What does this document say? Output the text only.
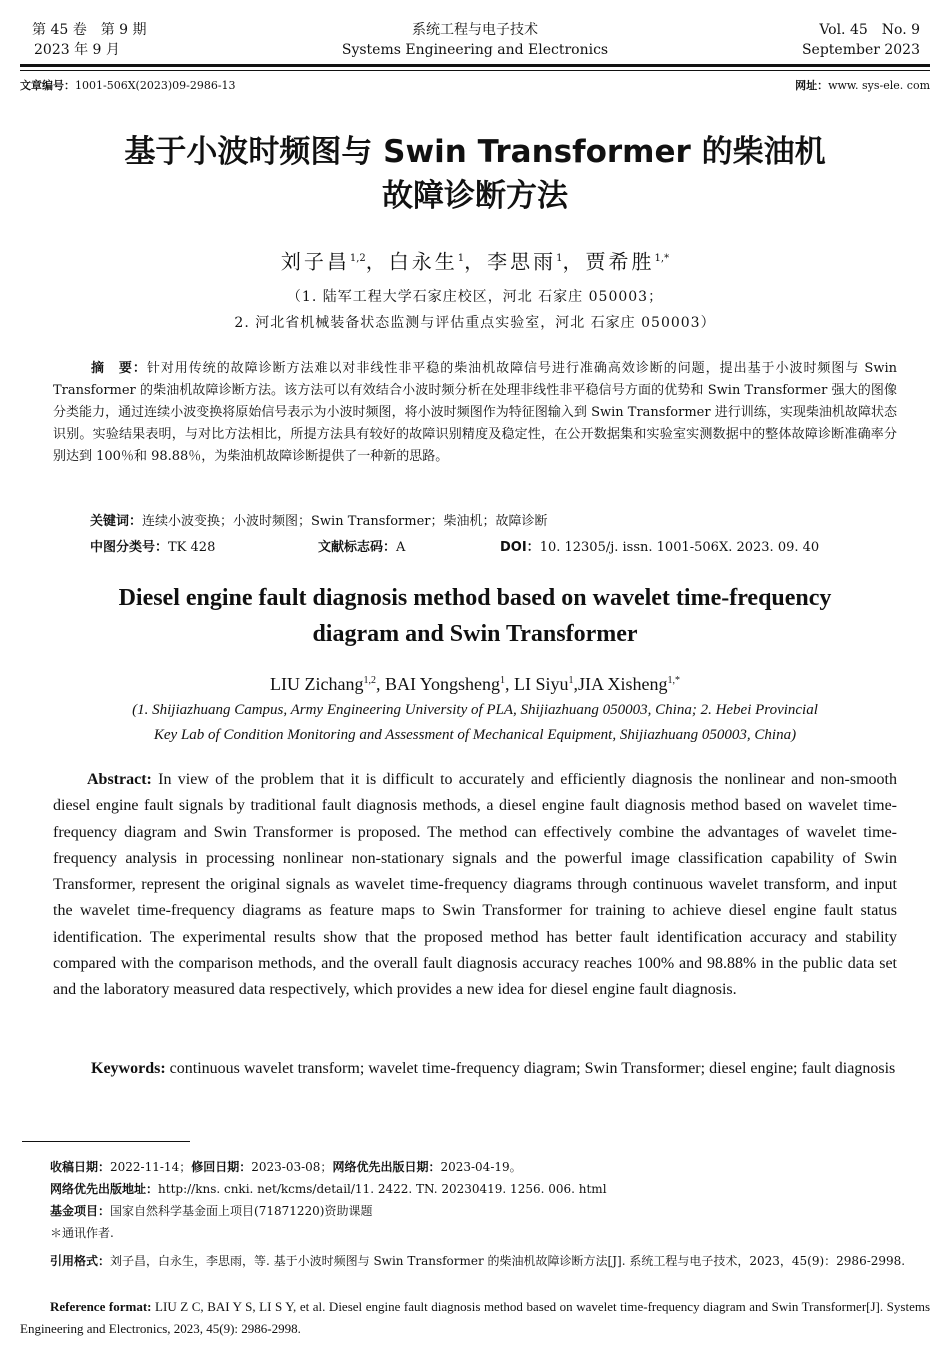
第 45 卷　第 9 期
2023 年 9 月
系统工程与电子技术
Systems Engineering and Electronics
Vol. 45　No. 9
September 2023
文章编号：1001-506X(2023)09-2986-13	网址：www. sys-ele. com
基于小波时频图与 Swin Transformer 的柴油机
故障诊断方法
刘子昌$^{1,2}$，白永生$^1$，李思雨$^1$，贾希胜$^{1,*}$
（1. 陆军工程大学石家庄校区，河北 石家庄 050003；
2. 河北省机械装备状态监测与评估重点实验室，河北 石家庄 050003）
摘　要：针对用传统的故障诊断方法难以对非线性非平稳的柴油机故障信号进行准确高效诊断的问题，提出基于小波时频图与 Swin Transformer 的柴油机故障诊断方法。该方法可以有效结合小波时频分析在处理非线性非平稳信号方面的优势和 Swin Transformer 强大的图像分类能力，通过连续小波变换将原始信号表示为小波时频图，将小波时频图作为特征图输入到 Swin Transformer 进行训练，实现柴油机故障状态识别。实验结果表明，与对比方法相比，所提方法具有较好的故障识别精度及稳定性，在公开数据集和实验室实测数据中的整体故障诊断准确率分别达到 100％和 98.88％，为柴油机故障诊断提供了一种新的思路。
关键词：连续小波变换；小波时频图；Swin Transformer；柴油机；故障诊断
中图分类号：TK 428	文献标志码：A	DOI：10. 12305/j. issn. 1001-506X. 2023. 09. 40
Diesel engine fault diagnosis method based on wavelet time-frequency
diagram and Swin Transformer
LIU Zichang$^{1,2}$, BAI Yongsheng$^1$, LI Siyu$^1$,JIA Xisheng$^{1,*}$
(1. Shijiazhuang Campus, Army Engineering University of PLA, Shijiazhuang 050003, China; 2. Hebei Provincial
Key Lab of Condition Monitoring and Assessment of Mechanical Equipment, Shijiazhuang 050003, China)
Abstract: In view of the problem that it is difficult to accurately and efficiently diagnosis the nonlinear and non-smooth diesel engine fault signals by traditional fault diagnosis methods, a diesel engine fault diagnosis method based on wavelet time-frequency diagram and Swin Transformer is proposed. The method can effectively combine the advantages of wavelet time-frequency analysis in processing nonlinear non-stationary signals and the powerful image classification capability of Swin Transformer, represent the original signals as wavelet time-frequency diagrams through continuous wavelet transform, and input the wavelet time-frequency diagrams as feature maps to Swin Transformer for training to achieve diesel engine fault status identification. The experimental results show that the proposed method has better fault identification accuracy and stability compared with the comparison methods, and the overall fault diagnosis accuracy reaches 100% and 98.88% in the public data set and the laboratory measured data respectively, which provides a new idea for diesel engine fault diagnosis.
Keywords: continuous wavelet transform; wavelet time-frequency diagram; Swin Transformer; diesel engine; fault diagnosis
收稿日期：2022-11-14；修回日期：2023-03-08；网络优先出版日期：2023-04-19。
网络优先出版地址：http://kns. cnki. net/kcms/detail/11. 2422. TN. 20230419. 1256. 006. html
基金项目：国家自然科学基金面上项目(71871220)资助课题
＊通讯作者.
引用格式：刘子昌，白永生，李思雨，等. 基于小波时频图与 Swin Transformer 的柴油机故障诊断方法[J]. 系统工程与电子技术，2023，45(9)：2986-2998.
Reference format: LIU Z C, BAI Y S, LI S Y, et al. Diesel engine fault diagnosis method based on wavelet time-frequency diagram and Swin Transformer[J]. Systems Engineering and Electronics, 2023, 45(9): 2986-2998.
